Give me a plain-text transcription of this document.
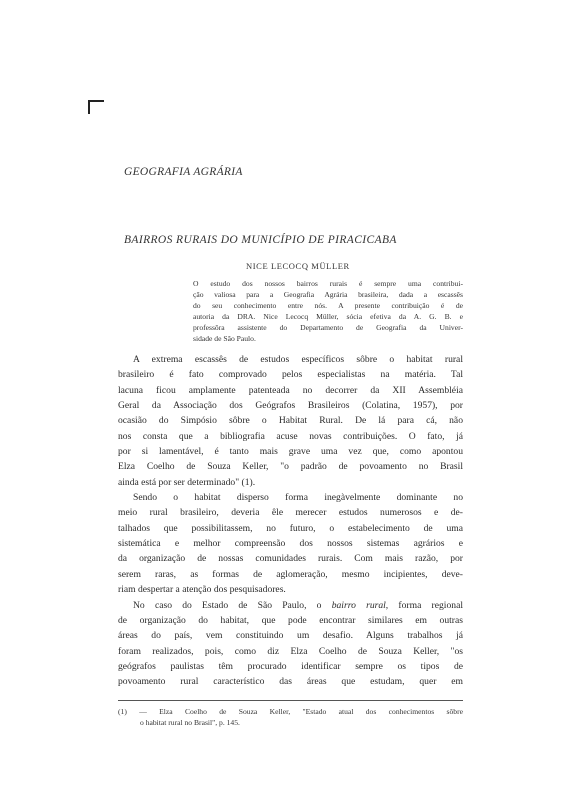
GEOGRAFIA AGRÁRIA
BAIRROS RURAIS DO MUNICÍPIO DE PIRACICABA
NICE LECOCQ MÜLLER
O estudo dos nossos bairros rurais é sempre uma contribui-
ção valiosa para a Geografia Agrária brasileira, dada a escassês
do seu conhecimento entre nós. A presente contribuição é de
autoria da DRA. Nice Lecocq Müller, sócia efetiva da A. G. B. e
professôra assistente do Departamento de Geografia da Univer-
sidade de São Paulo.
A extrema escassês de estudos específicos sôbre o habitat rural
brasileiro é fato comprovado pelos especialistas na matéria. Tal
lacuna ficou amplamente patenteada no decorrer da XII Assembléia
Geral da Associação dos Geógrafos Brasileiros (Colatina, 1957), por
ocasião do Simpósio sôbre o Habitat Rural. De lá para cá, não
nos consta que a bibliografia acuse novas contribuições. O fato, já
por si lamentável, é tanto mais grave uma vez que, como apontou
Elza Coelho de Souza Keller, "o padrão de povoamento no Brasil
ainda está por ser determinado" (1).
Sendo o habitat disperso forma inegàvelmente dominante no
meio rural brasileiro, deveria êle merecer estudos numerosos e de-
talhados que possibilitassem, no futuro, o estabelecimento de uma
sistemática e melhor compreensão dos nossos sistemas agrários e
da organização de nossas comunidades rurais. Com mais razão, por
serem raras, as formas de aglomeração, mesmo incipientes, deve-
riam despertar a atenção dos pesquisadores.
No caso do Estado de São Paulo, o bairro rural, forma regional
de organização do habitat, que pode encontrar similares em outras
áreas do país, vem constituindo um desafio. Alguns trabalhos já
foram realizados, pois, como diz Elza Coelho de Souza Keller, "os
geógrafos paulistas têm procurado identificar sempre os tipos de
povoamento rural característico das áreas que estudam, quer em
(1) — Elza Coelho de Souza Keller, "Estado atual dos conhecimentos sôbre
o habitat rural no Brasil", p. 145.
